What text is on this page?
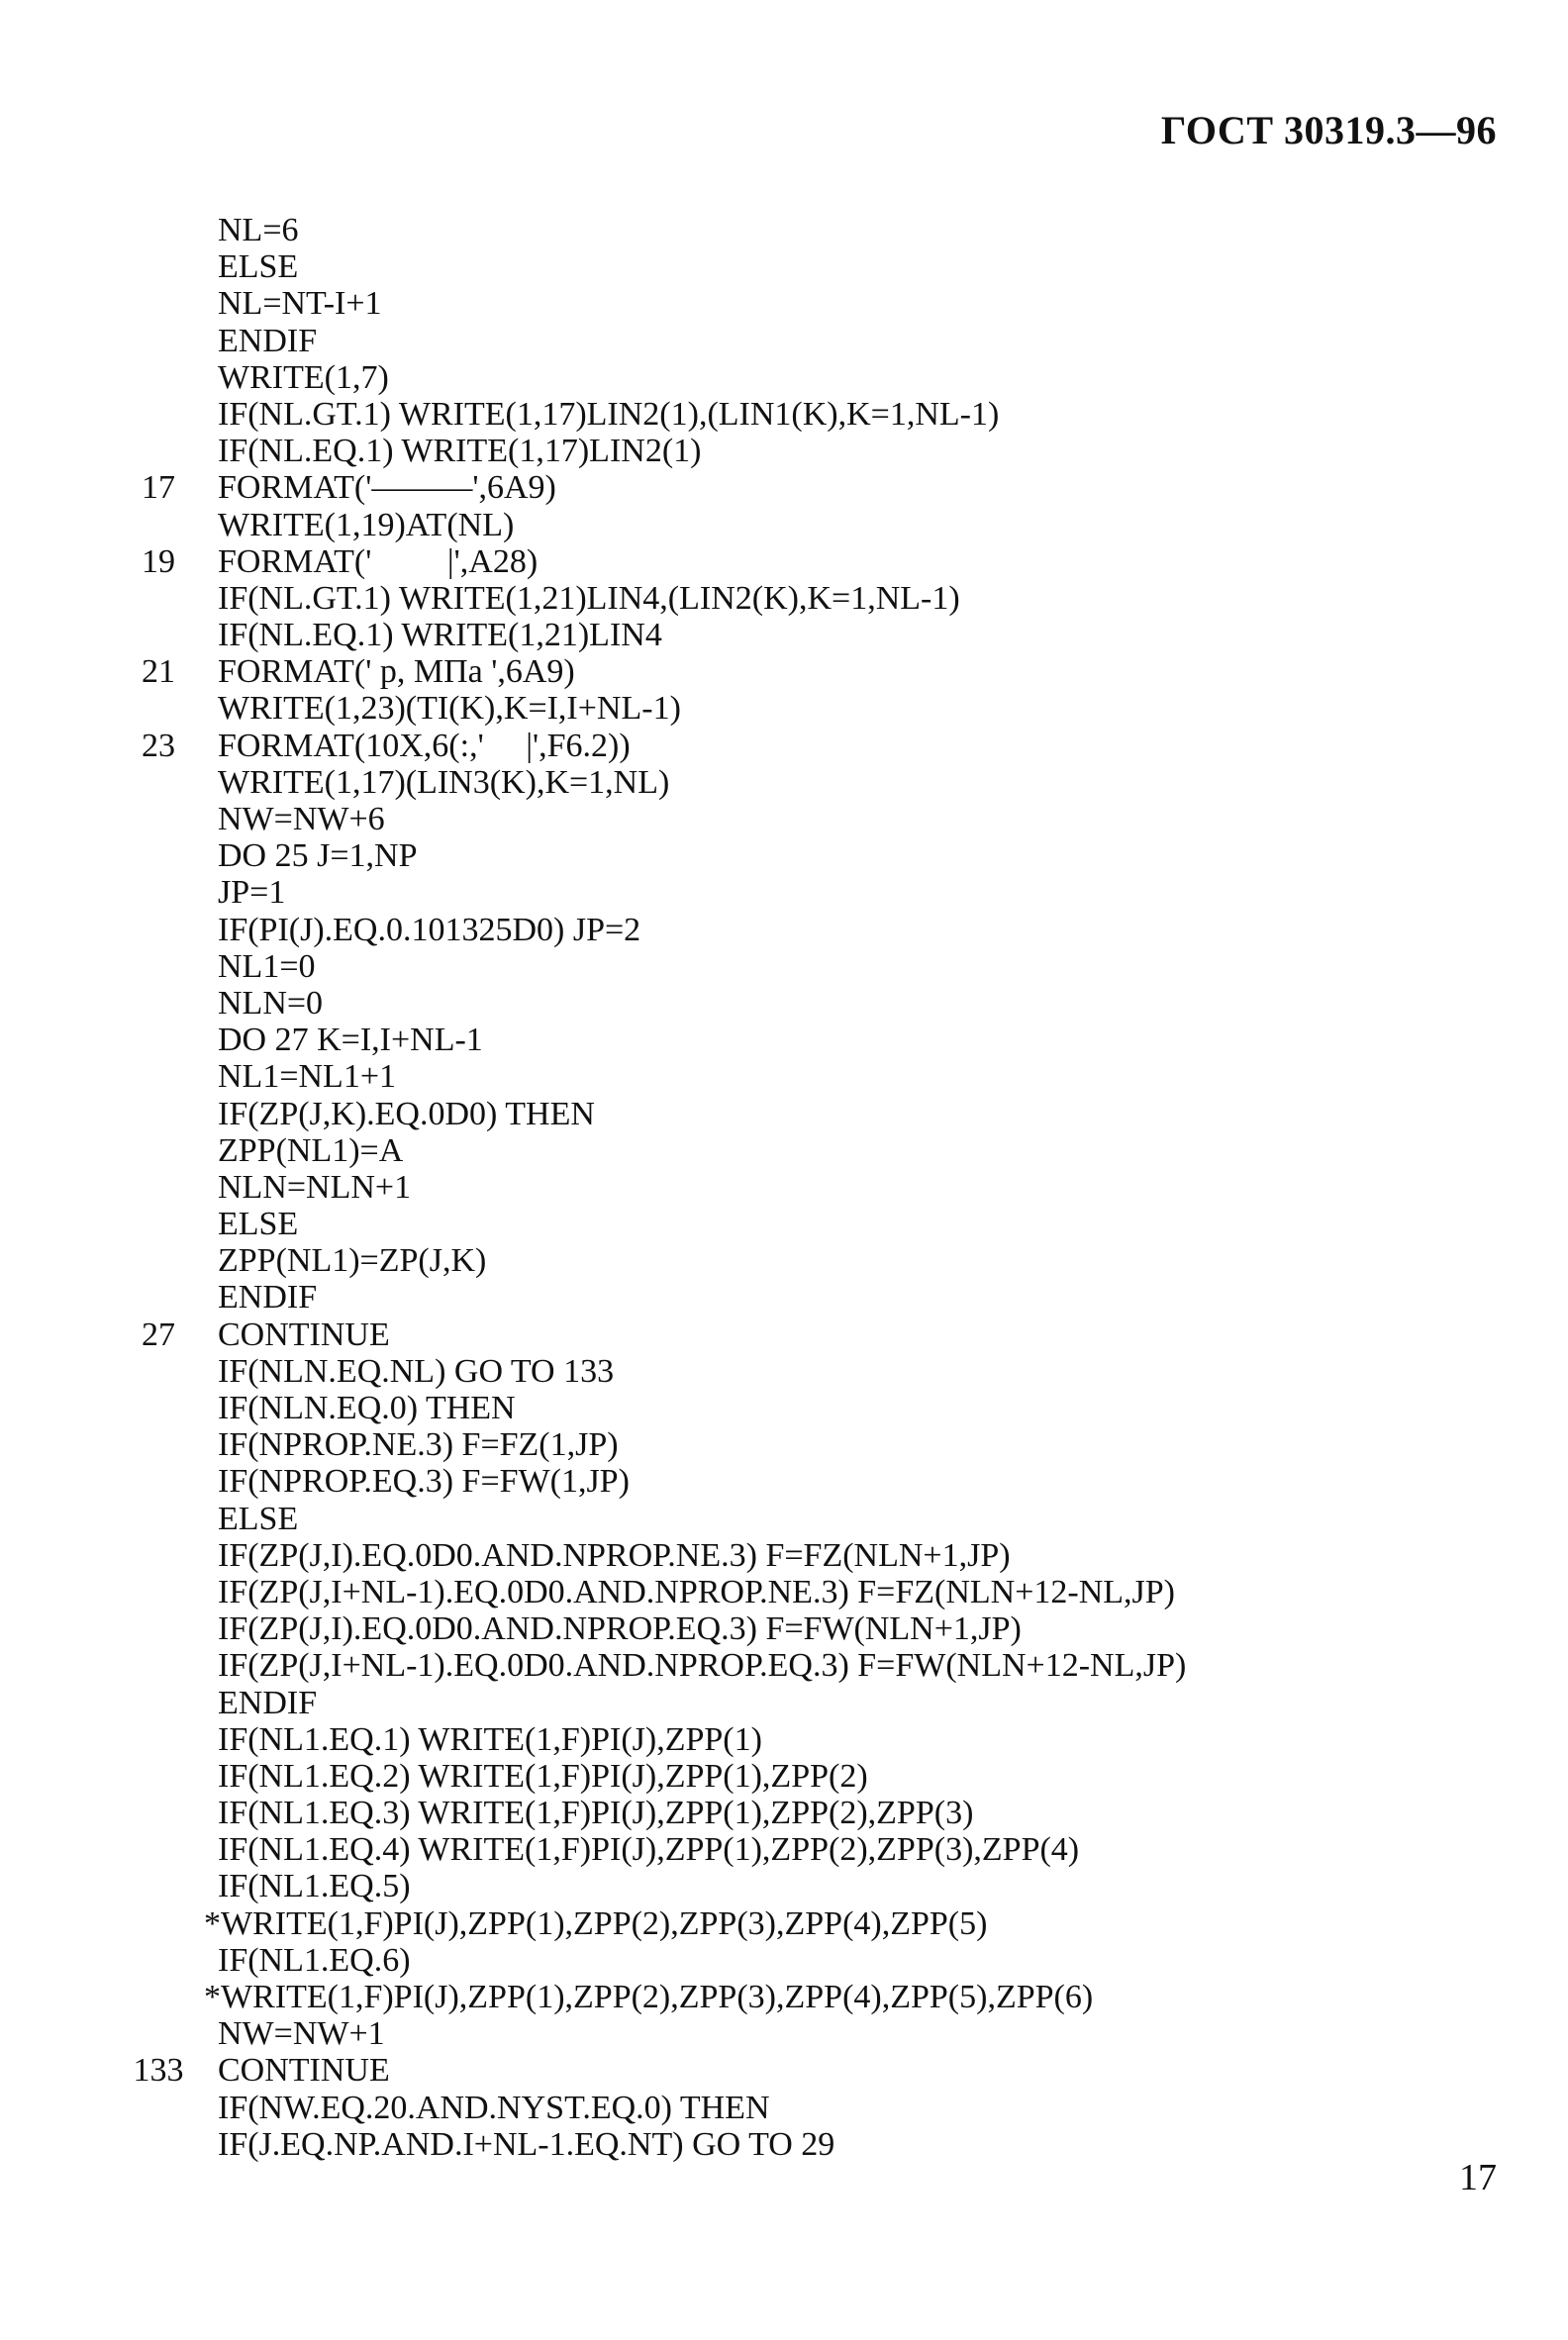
ГОСТ 30319.3—96
NL=6
ELSE
NL=NT-I+1
ENDIF
WRITE(1,7)
IF(NL.GT.1) WRITE(1,17)LIN2(1),(LIN1(K),K=1,NL-1)
IF(NL.EQ.1) WRITE(1,17)LIN2(1)
17	FORMAT('———',6A9)
WRITE(1,19)AT(NL)
19	FORMAT('         |',A28)
IF(NL.GT.1) WRITE(1,21)LIN4,(LIN2(K),K=1,NL-1)
IF(NL.EQ.1) WRITE(1,21)LIN4
21	FORMAT(' p, МПа ',6A9)
WRITE(1,23)(TI(K),K=I,I+NL-1)
23	FORMAT(10X,6(:,'     |',F6.2))
WRITE(1,17)(LIN3(K),K=1,NL)
NW=NW+6
DO 25 J=1,NP
JP=1
IF(PI(J).EQ.0.101325D0) JP=2
NL1=0
NLN=0
DO 27 K=I,I+NL-1
NL1=NL1+1
IF(ZP(J,K).EQ.0D0) THEN
ZPP(NL1)=A
NLN=NLN+1
ELSE
ZPP(NL1)=ZP(J,K)
ENDIF
27	CONTINUE
IF(NLN.EQ.NL) GO TO 133
IF(NLN.EQ.0) THEN
IF(NPROP.NE.3) F=FZ(1,JP)
IF(NPROP.EQ.3) F=FW(1,JP)
ELSE
IF(ZP(J,I).EQ.0D0.AND.NPROP.NE.3) F=FZ(NLN+1,JP)
IF(ZP(J,I+NL-1).EQ.0D0.AND.NPROP.NE.3) F=FZ(NLN+12-NL,JP)
IF(ZP(J,I).EQ.0D0.AND.NPROP.EQ.3) F=FW(NLN+1,JP)
IF(ZP(J,I+NL-1).EQ.0D0.AND.NPROP.EQ.3) F=FW(NLN+12-NL,JP)
ENDIF
IF(NL1.EQ.1) WRITE(1,F)PI(J),ZPP(1)
IF(NL1.EQ.2) WRITE(1,F)PI(J),ZPP(1),ZPP(2)
IF(NL1.EQ.3) WRITE(1,F)PI(J),ZPP(1),ZPP(2),ZPP(3)
IF(NL1.EQ.4) WRITE(1,F)PI(J),ZPP(1),ZPP(2),ZPP(3),ZPP(4)
IF(NL1.EQ.5)
*WRITE(1,F)PI(J),ZPP(1),ZPP(2),ZPP(3),ZPP(4),ZPP(5)
IF(NL1.EQ.6)
*WRITE(1,F)PI(J),ZPP(1),ZPP(2),ZPP(3),ZPP(4),ZPP(5),ZPP(6)
NW=NW+1
133	CONTINUE
IF(NW.EQ.20.AND.NYST.EQ.0) THEN
IF(J.EQ.NP.AND.I+NL-1.EQ.NT) GO TO 29
17
